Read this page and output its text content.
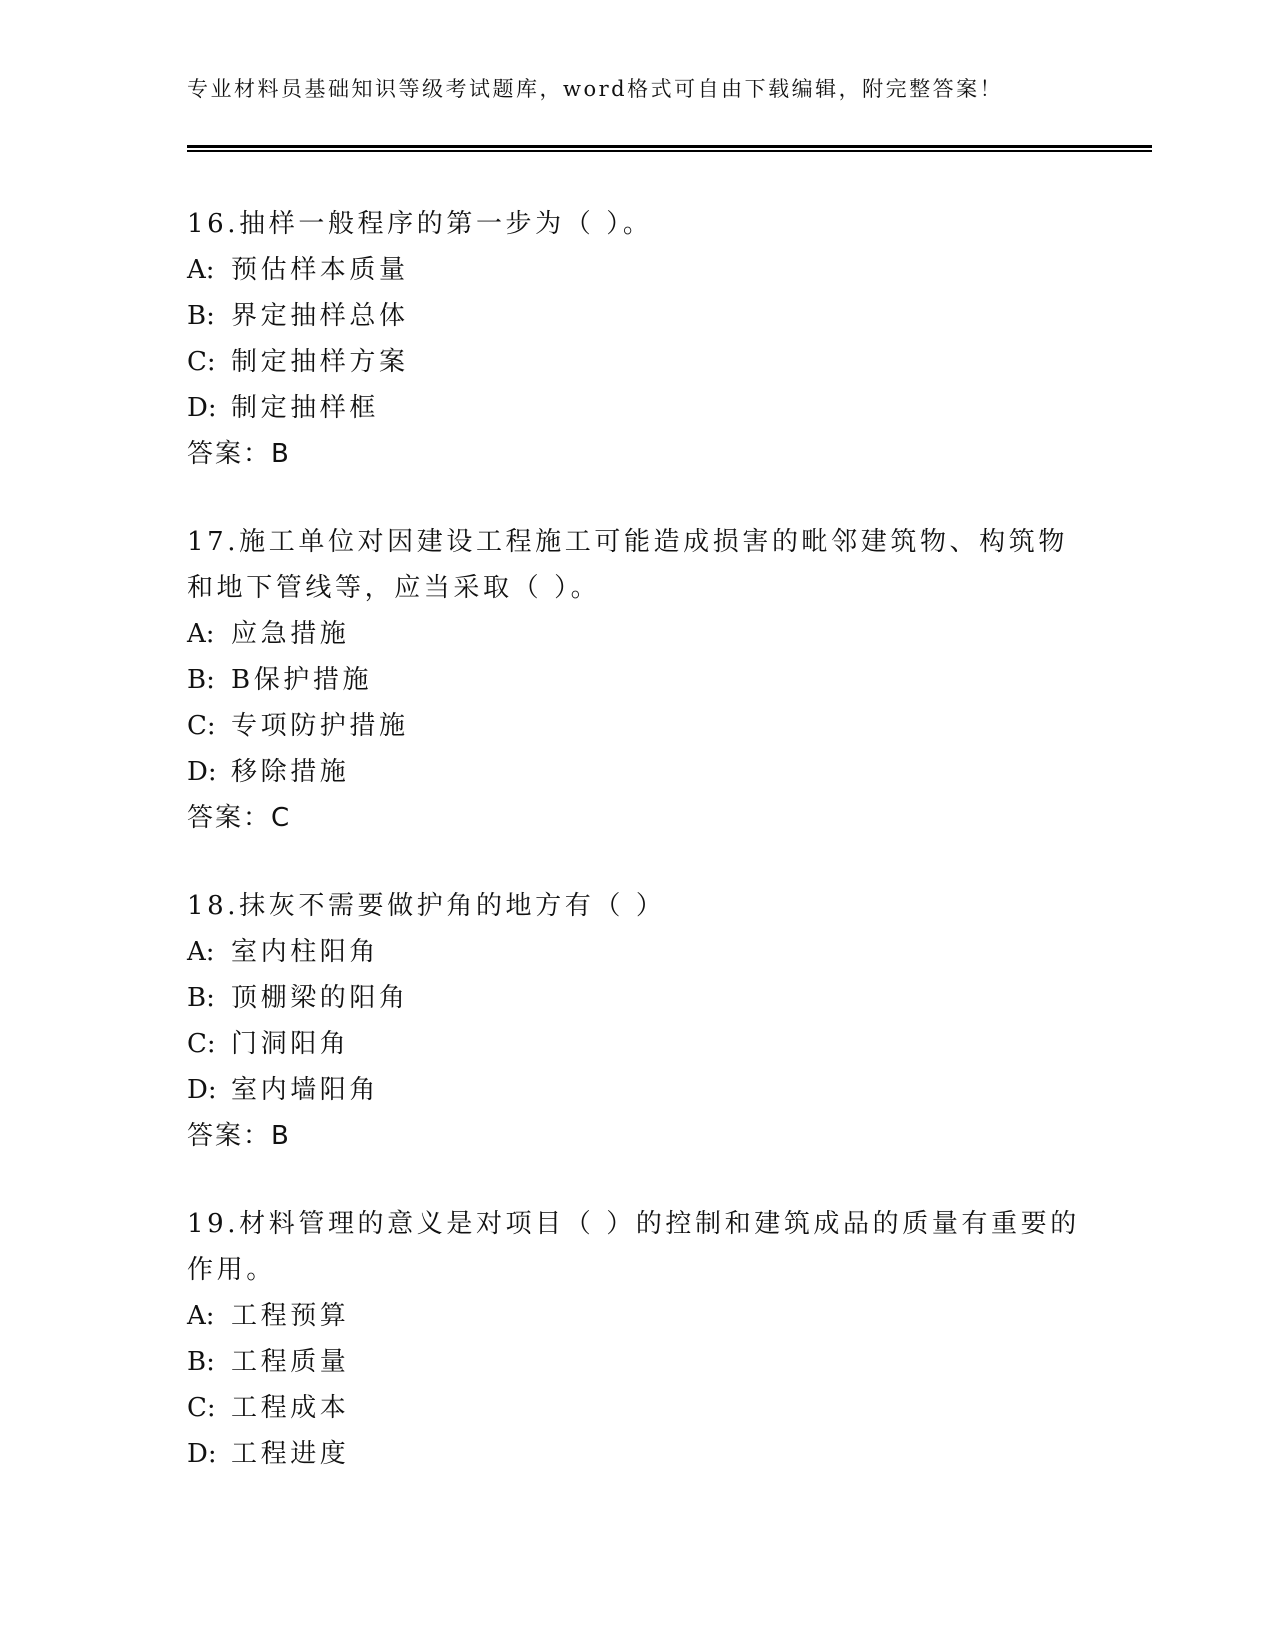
专业材料员基础知识等级考试题库，word格式可自由下载编辑，附完整答案！
16.抽样一般程序的第一步为（ ）。
A: 预估样本质量
B: 界定抽样总体
C: 制定抽样方案
D: 制定抽样框
答案：B
17.施工单位对因建设工程施工可能造成损害的毗邻建筑物、构筑物和地下管线等，应当采取（ ）。
A: 应急措施
B: B保护措施
C: 专项防护措施
D: 移除措施
答案：C
18.抹灰不需要做护角的地方有（ ）
A: 室内柱阳角
B: 顶棚梁的阳角
C: 门洞阳角
D: 室内墙阳角
答案：B
19.材料管理的意义是对项目（ ）的控制和建筑成品的质量有重要的作用。
A: 工程预算
B: 工程质量
C: 工程成本
D: 工程进度
